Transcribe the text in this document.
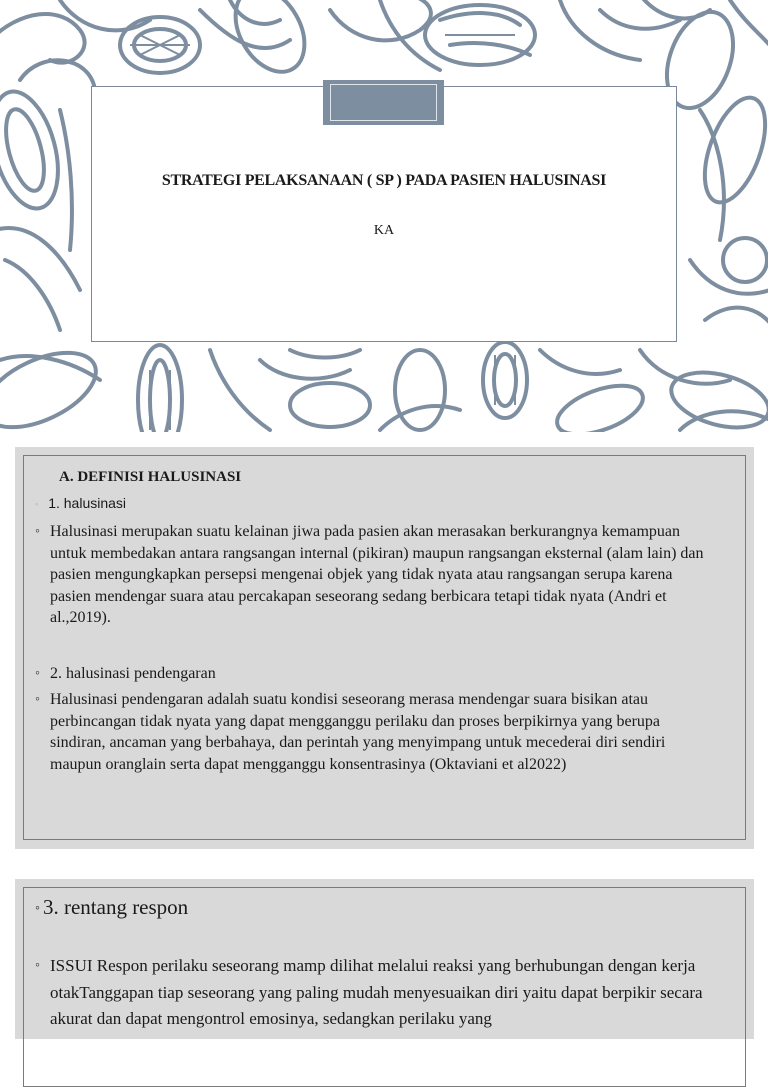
STRATEGI PELAKSANAAN ( SP ) PADA PASIEN HALUSINASI
KA
A. DEFINISI HALUSINASI
◦ 1. halusinasi
◦ Halusinasi merupakan suatu kelainan jiwa pada pasien akan merasakan berkurangnya kemampuan untuk membedakan antara rangsangan internal (pikiran) maupun rangsangan eksternal (alam lain) dan pasien mengungkapkan persepsi mengenai objek yang tidak nyata atau rangsangan serupa karena pasien mendengar suara atau percakapan seseorang sedang berbicara tetapi tidak nyata (Andri et al.,2019).
◦ 2. halusinasi pendengaran
◦ Halusinasi pendengaran adalah suatu kondisi seseorang merasa mendengar suara bisikan atau perbincangan tidak nyata yang dapat mengganggu perilaku dan proses berpikirnya yang berupa sindiran, ancaman yang berbahaya, dan perintah yang menyimpang untuk mecederai diri sendiri maupun oranglain serta dapat mengganggu konsentrasinya (Oktaviani et al2022)
◦ 3. rentang respon
◦ ISSUI Respon perilaku seseorang mamp dilihat melalui reaksi yang berhubungan dengan kerja otakTanggapan tiap seseorang yang paling mudah menyesuaikan diri yaitu dapat berpikir secara akurat dan dapat mengontrol emosinya, sedangkan perilaku yang
